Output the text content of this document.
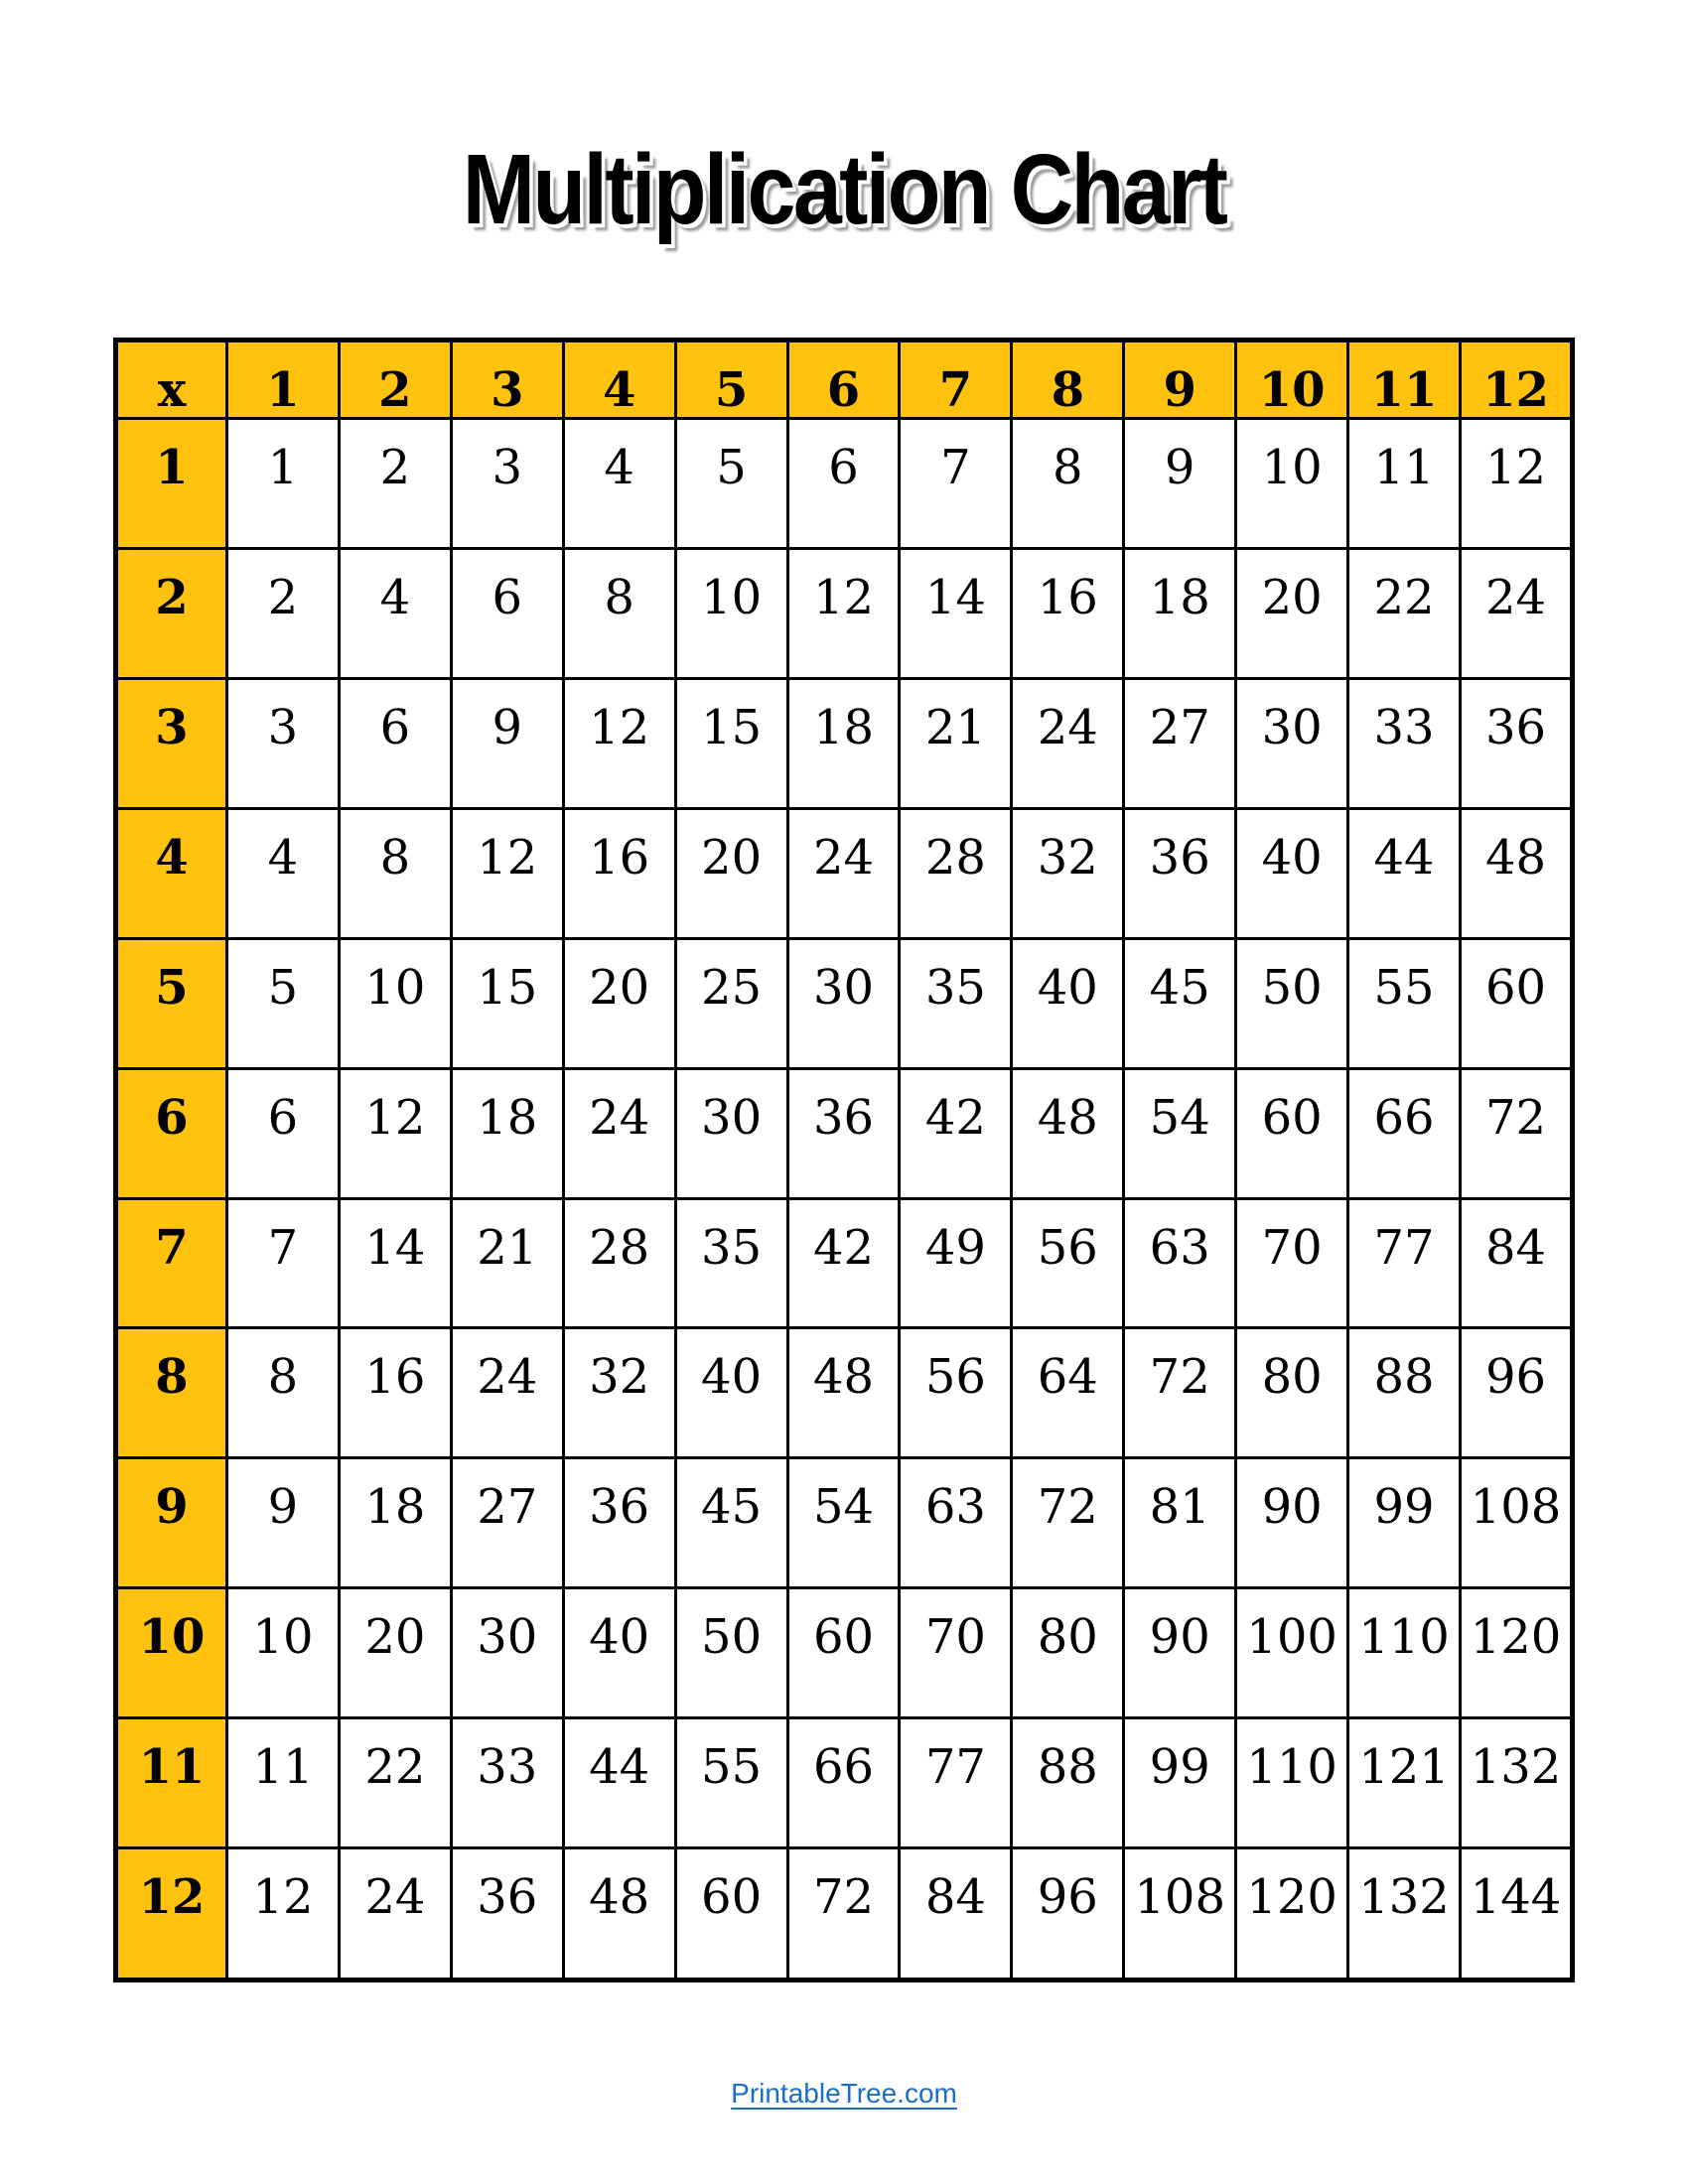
Multiplication Chart
x	1	2	3	4	5	6	7	8	9	10	11	12
1	1	2	3	4	5	6	7	8	9	10	11	12
2	2	4	6	8	10	12	14	16	18	20	22	24
3	3	6	9	12	15	18	21	24	27	30	33	36
4	4	8	12	16	20	24	28	32	36	40	44	48
5	5	10	15	20	25	30	35	40	45	50	55	60
6	6	12	18	24	30	36	42	48	54	60	66	72
7	7	14	21	28	35	42	49	56	63	70	77	84
8	8	16	24	32	40	48	56	64	72	80	88	96
9	9	18	27	36	45	54	63	72	81	90	99	108
10	10	20	30	40	50	60	70	80	90	100	110	120
11	11	22	33	44	55	66	77	88	99	110	121	132
12	12	24	36	48	60	72	84	96	108	120	132	144
PrintableTree.com
